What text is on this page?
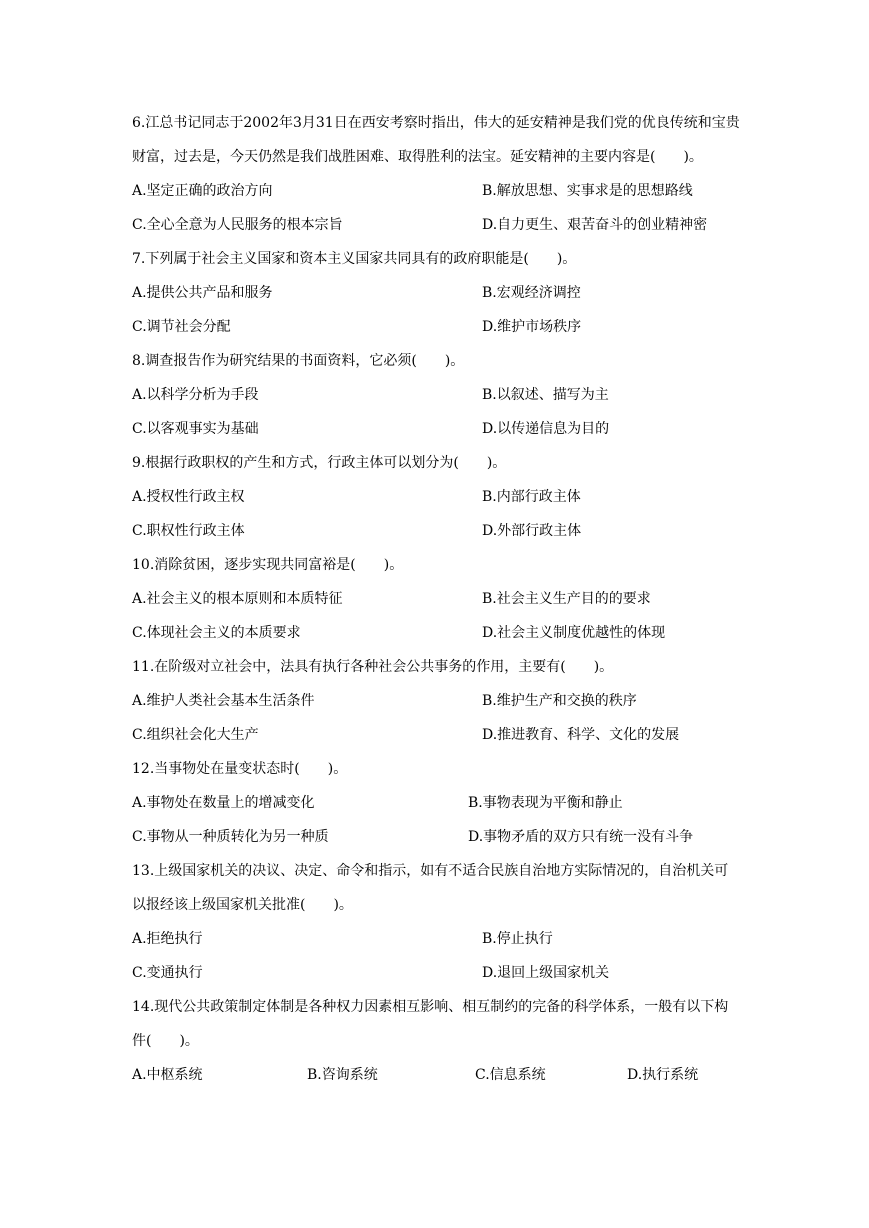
6.江总书记同志于2002年3月31日在西安考察时指出，伟大的延安精神是我们党的优良传统和宝贵财富，过去是，今天仍然是我们战胜困难、取得胜利的法宝。延安精神的主要内容是(　　)。

A.坚定正确的政治方向	B.解放思想、实事求是的思想路线
C.全心全意为人民服务的根本宗旨	D.自力更生、艰苦奋斗的创业精神密

7.下列属于社会主义国家和资本主义国家共同具有的政府职能是(　　)。

A.提供公共产品和服务	B.宏观经济调控
C.调节社会分配	D.维护市场秩序

8.调查报告作为研究结果的书面资料，它必须(　　)。

A.以科学分析为手段	B.以叙述、描写为主
C.以客观事实为基础	D.以传递信息为目的

9.根据行政职权的产生和方式，行政主体可以划分为(　　)。

A.授权性行政主权	B.内部行政主体
C.职权性行政主体	D.外部行政主体

10.消除贫困，逐步实现共同富裕是(　　)。

A.社会主义的根本原则和本质特征	B.社会主义生产目的的要求
C.体现社会主义的本质要求	D.社会主义制度优越性的体现

11.在阶级对立社会中，法具有执行各种社会公共事务的作用，主要有(　　)。

A.维护人类社会基本生活条件	B.维护生产和交换的秩序
C.组织社会化大生产	D.推进教育、科学、文化的发展

12.当事物处在量变状态时(　　)。

A.事物处在数量上的增减变化	B.事物表现为平衡和静止
C.事物从一种质转化为另一种质	D.事物矛盾的双方只有统一没有斗争

13.上级国家机关的决议、决定、命令和指示，如有不适合民族自治地方实际情况的，自治机关可以报经该上级国家机关批准(　　)。

A.拒绝执行	B.停止执行
C.变通执行	D.退回上级国家机关

14.现代公共政策制定体制是各种权力因素相互影响、相互制约的完备的科学体系，一般有以下构件(　　)。

A.中枢系统	B.咨询系统	C.信息系统	D.执行系统
